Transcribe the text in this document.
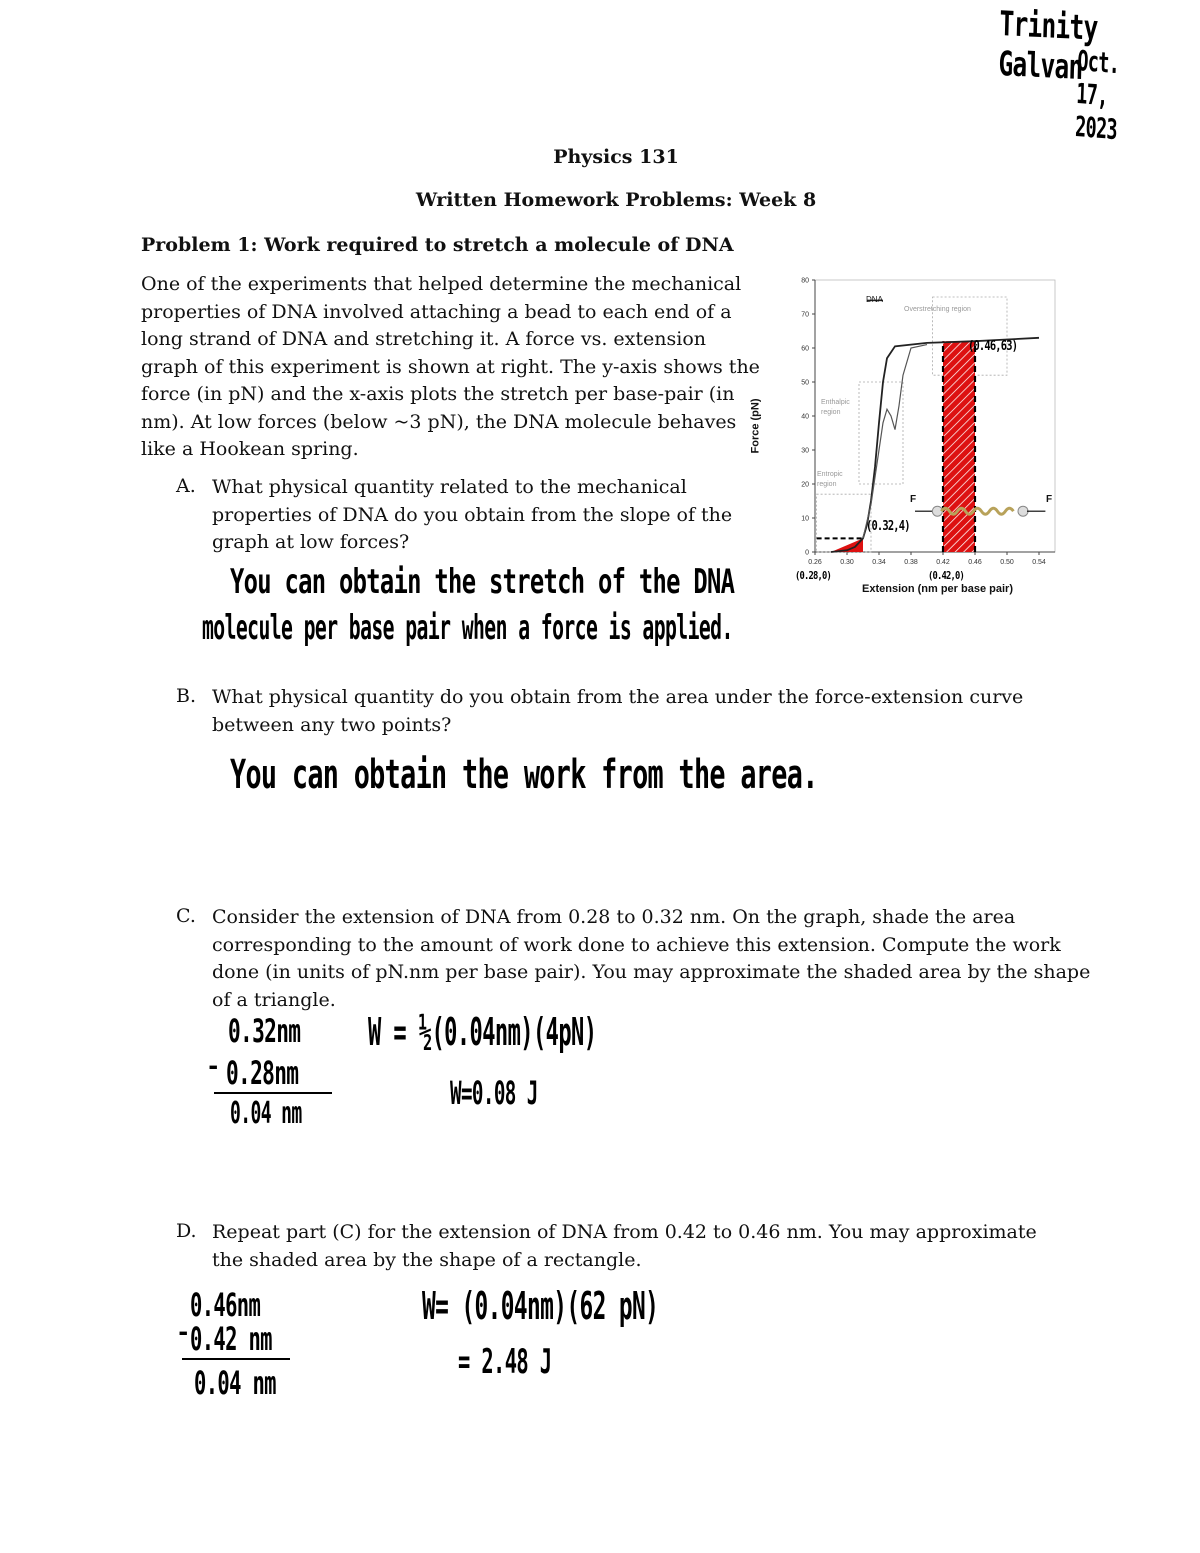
Trinity Galvan
Oct. 17, 2023
Physics 131
Written Homework Problems: Week 8
Problem 1: Work required to stretch a molecule of DNA
One of the experiments that helped determine the mechanical
properties of DNA involved attaching a bead to each end of a
long strand of DNA and stretching it. A force vs. extension
graph of this experiment is shown at right. The y-axis shows the
force (in pN) and the x-axis plots the stretch per base-pair (in
nm). At low forces (below ~3 pN), the DNA molecule behaves
like a Hookean spring.
A. What physical quantity related to the mechanical
properties of DNA do you obtain from the slope of the
graph at low forces?
You can obtain the stretch of the DNA
molecule per base pair when a force is applied.
0
10
20
30
40
50
60
70
80
0.26	0.30	0.34	0.38	0.42	0.46	0.50	0.54
Force (pN)
Extension (nm per base pair)
DNA
Overstretching region
Enthalpic region
Entropic region
F	F
(0.46,63)
(0.32,4)
(0.28,0)	(0.42,0)
B. What physical quantity do you obtain from the area under the force-extension curve
between any two points?
You can obtain the work from the area.
C. Consider the extension of DNA from 0.28 to 0.32 nm. On the graph, shade the area
corresponding to the amount of work done to achieve this extension. Compute the work
done (in units of pN.nm per base pair). You may approximate the shaded area by the shape
of a triangle.
0.32nm
- 0.28nm
0.04 nm
W = ½(0.04nm)(4pN)
W=0.08 J
D. Repeat part (C) for the extension of DNA from 0.42 to 0.46 nm. You may approximate
the shaded area by the shape of a rectangle.
0.46nm
- 0.42 nm
0.04 nm
W= (0.04nm)(62 pN)
= 2.48 J
